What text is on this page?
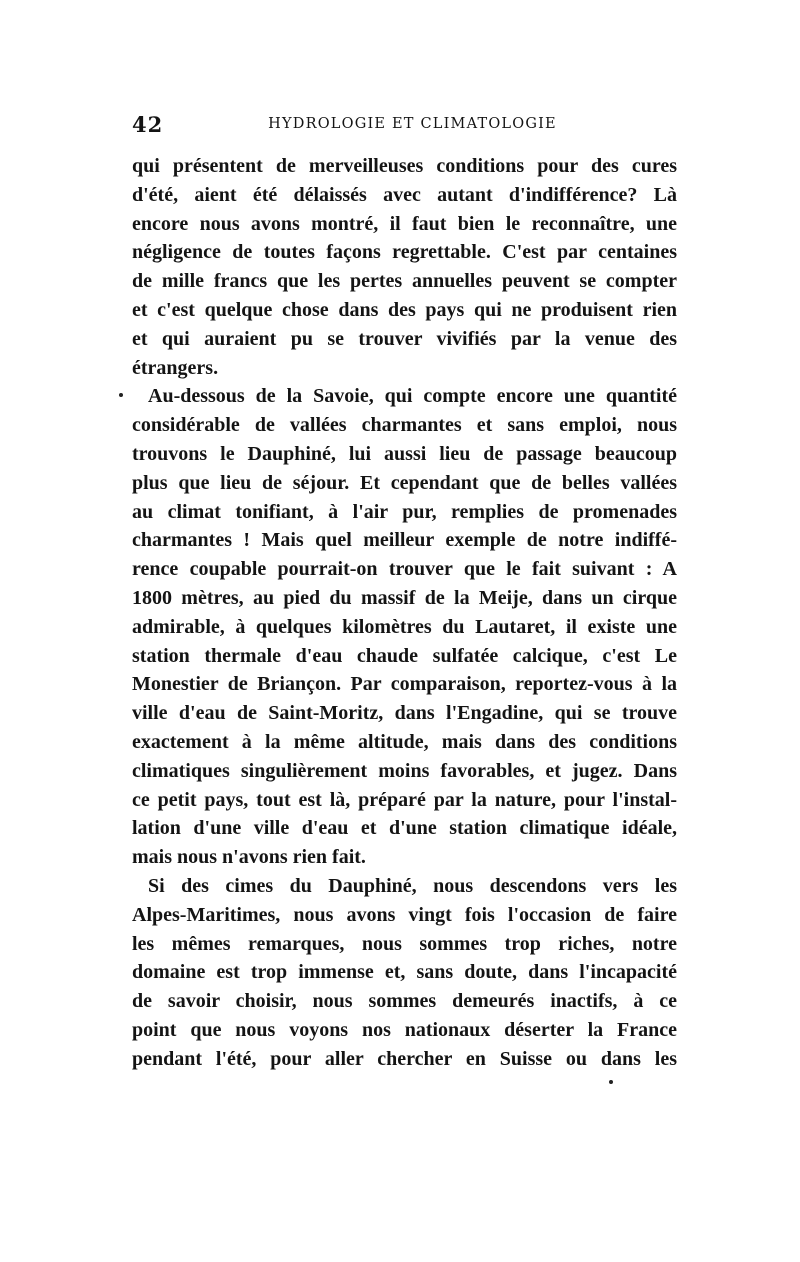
42	HYDROLOGIE ET CLIMATOLOGIE
qui présentent de merveilleuses conditions pour des cures
d'été, aient été délaissés avec autant d'indifférence? Là
encore nous avons montré, il faut bien le reconnaître, une
négligence de toutes façons regrettable. C'est par centaines
de mille francs que les pertes annuelles peuvent se compter
et c'est quelque chose dans des pays qui ne produisent rien
et qui auraient pu se trouver vivifiés par la venue des
étrangers.
Au-dessous de la Savoie, qui compte encore une quantité
considérable de vallées charmantes et sans emploi, nous
trouvons le Dauphiné, lui aussi lieu de passage beaucoup
plus que lieu de séjour. Et cependant que de belles vallées
au climat tonifiant, à l'air pur, remplies de promenades
charmantes ! Mais quel meilleur exemple de notre indiffé-
rence coupable pourrait-on trouver que le fait suivant : A
1800 mètres, au pied du massif de la Meije, dans un cirque
admirable, à quelques kilomètres du Lautaret, il existe une
station thermale d'eau chaude sulfatée calcique, c'est Le
Monestier de Briançon. Par comparaison, reportez-vous à la
ville d'eau de Saint-Moritz, dans l'Engadine, qui se trouve
exactement à la même altitude, mais dans des conditions
climatiques singulièrement moins favorables, et jugez. Dans
ce petit pays, tout est là, préparé par la nature, pour l'instal-
lation d'une ville d'eau et d'une station climatique idéale,
mais nous n'avons rien fait.
Si des cimes du Dauphiné, nous descendons vers les
Alpes-Maritimes, nous avons vingt fois l'occasion de faire
les mêmes remarques, nous sommes trop riches, notre
domaine est trop immense et, sans doute, dans l'incapacité
de savoir choisir, nous sommes demeurés inactifs, à ce
point que nous voyons nos nationaux déserter la France
pendant l'été, pour aller chercher en Suisse ou dans les
